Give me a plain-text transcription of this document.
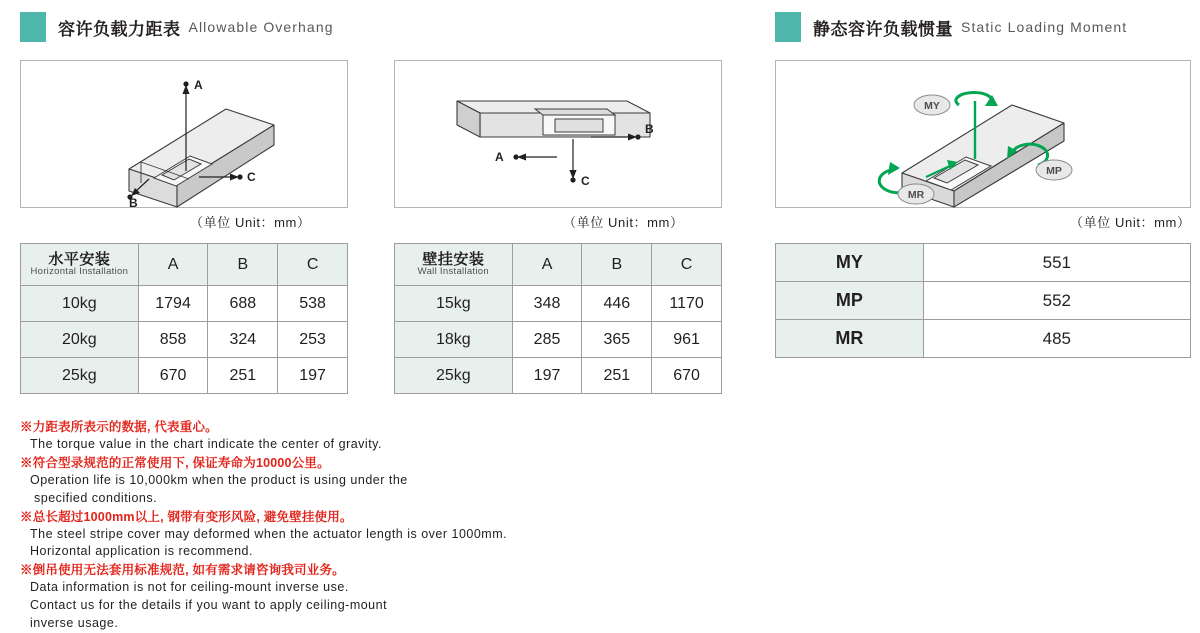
容许负载力距表 Allowable Overhang	静态容许负载惯量 Static Loading Moment
A
C
B
A
C
B
MY
MP
MR
（单位 Unit：mm）	（单位 Unit：mm）	（单位 Unit：mm）
水平安装
Horizontal Installation	A	B	C
10kg	1794	688	538
20kg	858	324	253
25kg	670	251	197
壁挂安装
Wall Installation	A	B	C
15kg	348	446	1170
18kg	285	365	961
25kg	197	251	670
MY	551
MP	552
MR	485
※力距表所表示的数据, 代表重心。
The torque value in the chart indicate the center of gravity.
※符合型录规范的正常使用下, 保证寿命为10000公里。
Operation life is 10,000km when the product is using under the
specified conditions.
※总长超过1000mm以上, 钢带有变形风险, 避免壁挂使用。
The steel stripe cover may deformed when the actuator length is over 1000mm.
Horizontal application is recommend.
※倒吊使用无法套用标准规范, 如有需求请咨询我司业务。
Data information is not for ceiling-mount inverse use.
Contact us for the details if you want to apply ceiling-mount
inverse usage.
